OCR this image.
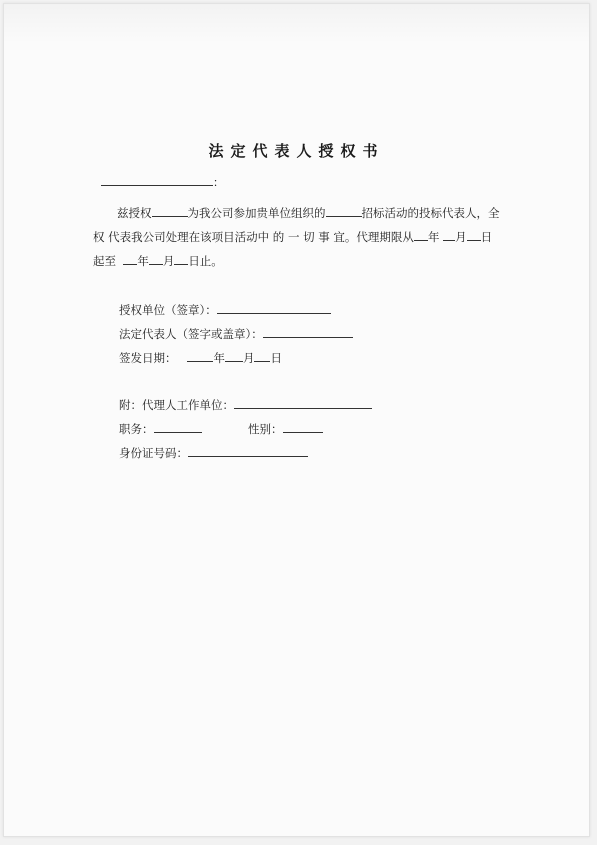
法定代表人授权书
：
兹授权	为我公司参加贵单位组织的	招标活动的投标代表人，全
权 代表我公司处理在该项目活动中 的 一 切 事 宜。代理期限从 年 月 日
起至 年 月 日止。
授权单位（签章）：
法定代表人（签字或盖章）：
签发日期：	年 月 日
附：代理人工作单位：
职务：	性别：
身份证号码：
